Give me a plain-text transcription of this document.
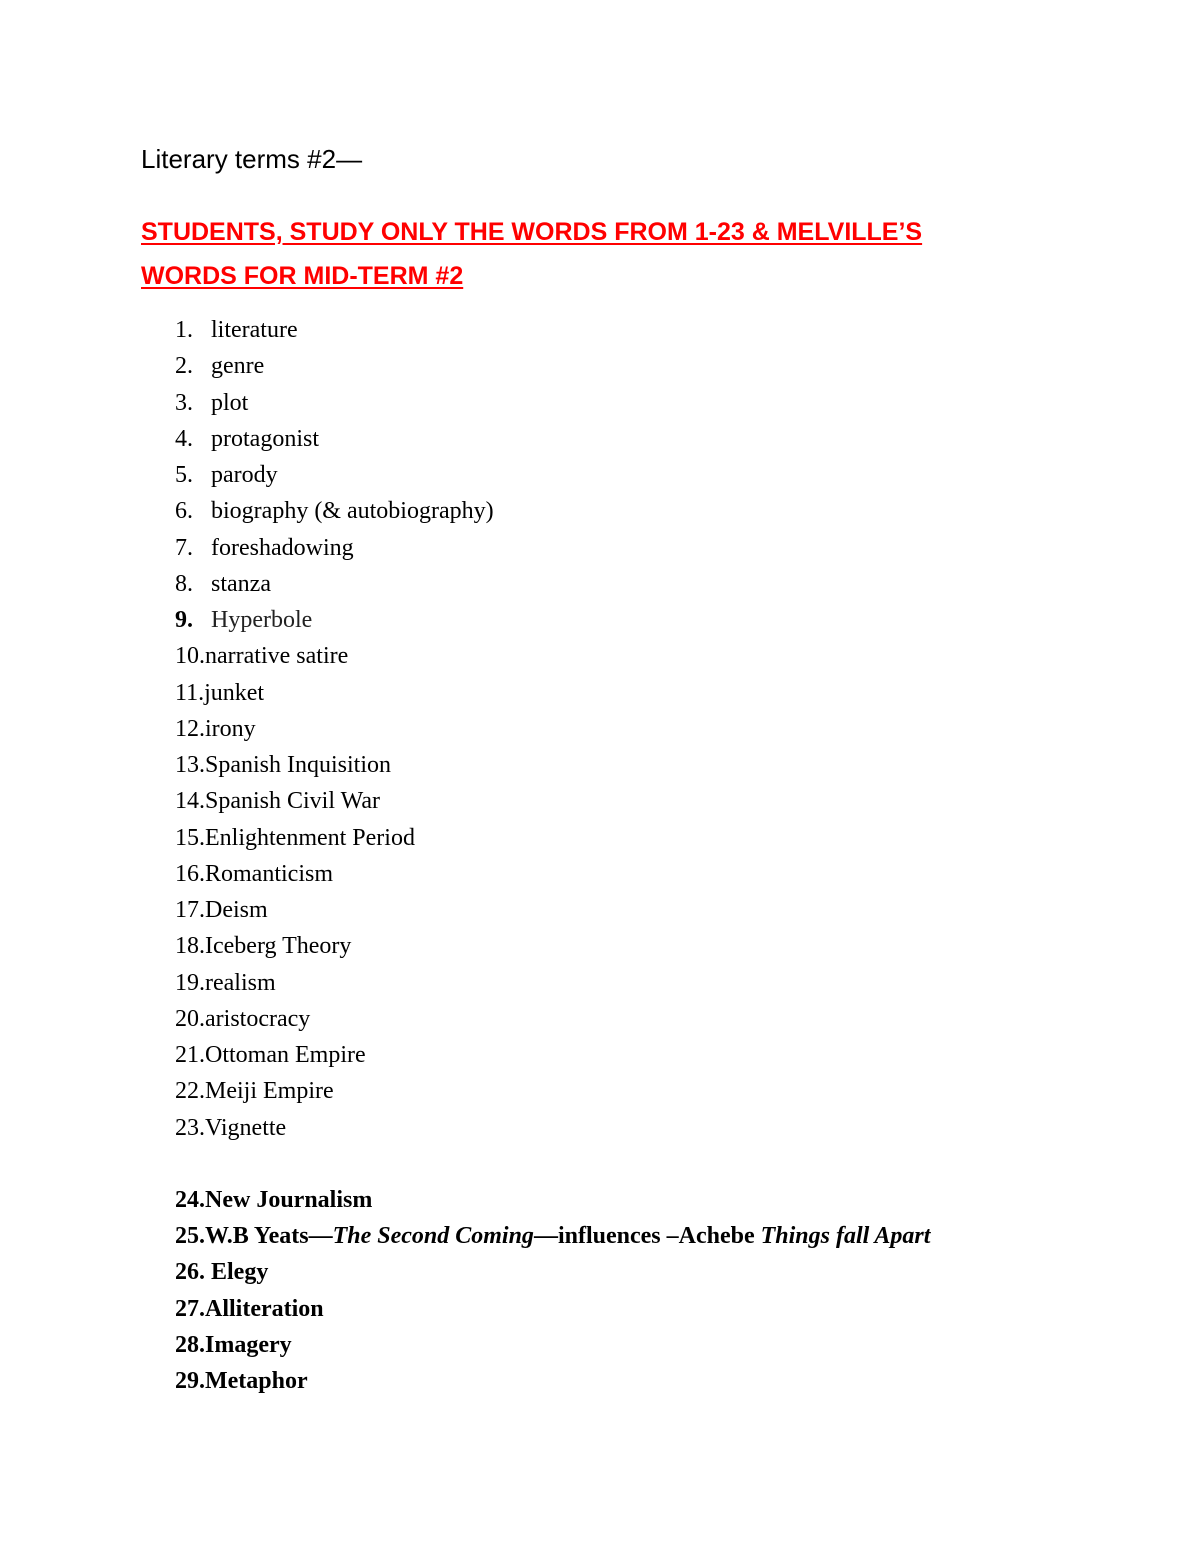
Literary terms #2—
STUDENTS, STUDY ONLY THE WORDS FROM 1-23 & MELVILLE’S
WORDS FOR MID-TERM #2
1. literature
2. genre
3. plot
4. protagonist
5. parody
6. biography (& autobiography)
7. foreshadowing
8. stanza
9. Hyperbole
10.narrative satire
11.junket
12.irony
13.Spanish Inquisition
14.Spanish Civil War
15.Enlightenment Period
16.Romanticism
17.Deism
18.Iceberg Theory
19.realism
20.aristocracy
21.Ottoman Empire
22.Meiji Empire
23.Vignette
24.New Journalism
25.W.B Yeats—The Second Coming—influences –Achebe Things fall Apart
26. Elegy
27.Alliteration
28.Imagery
29.Metaphor
